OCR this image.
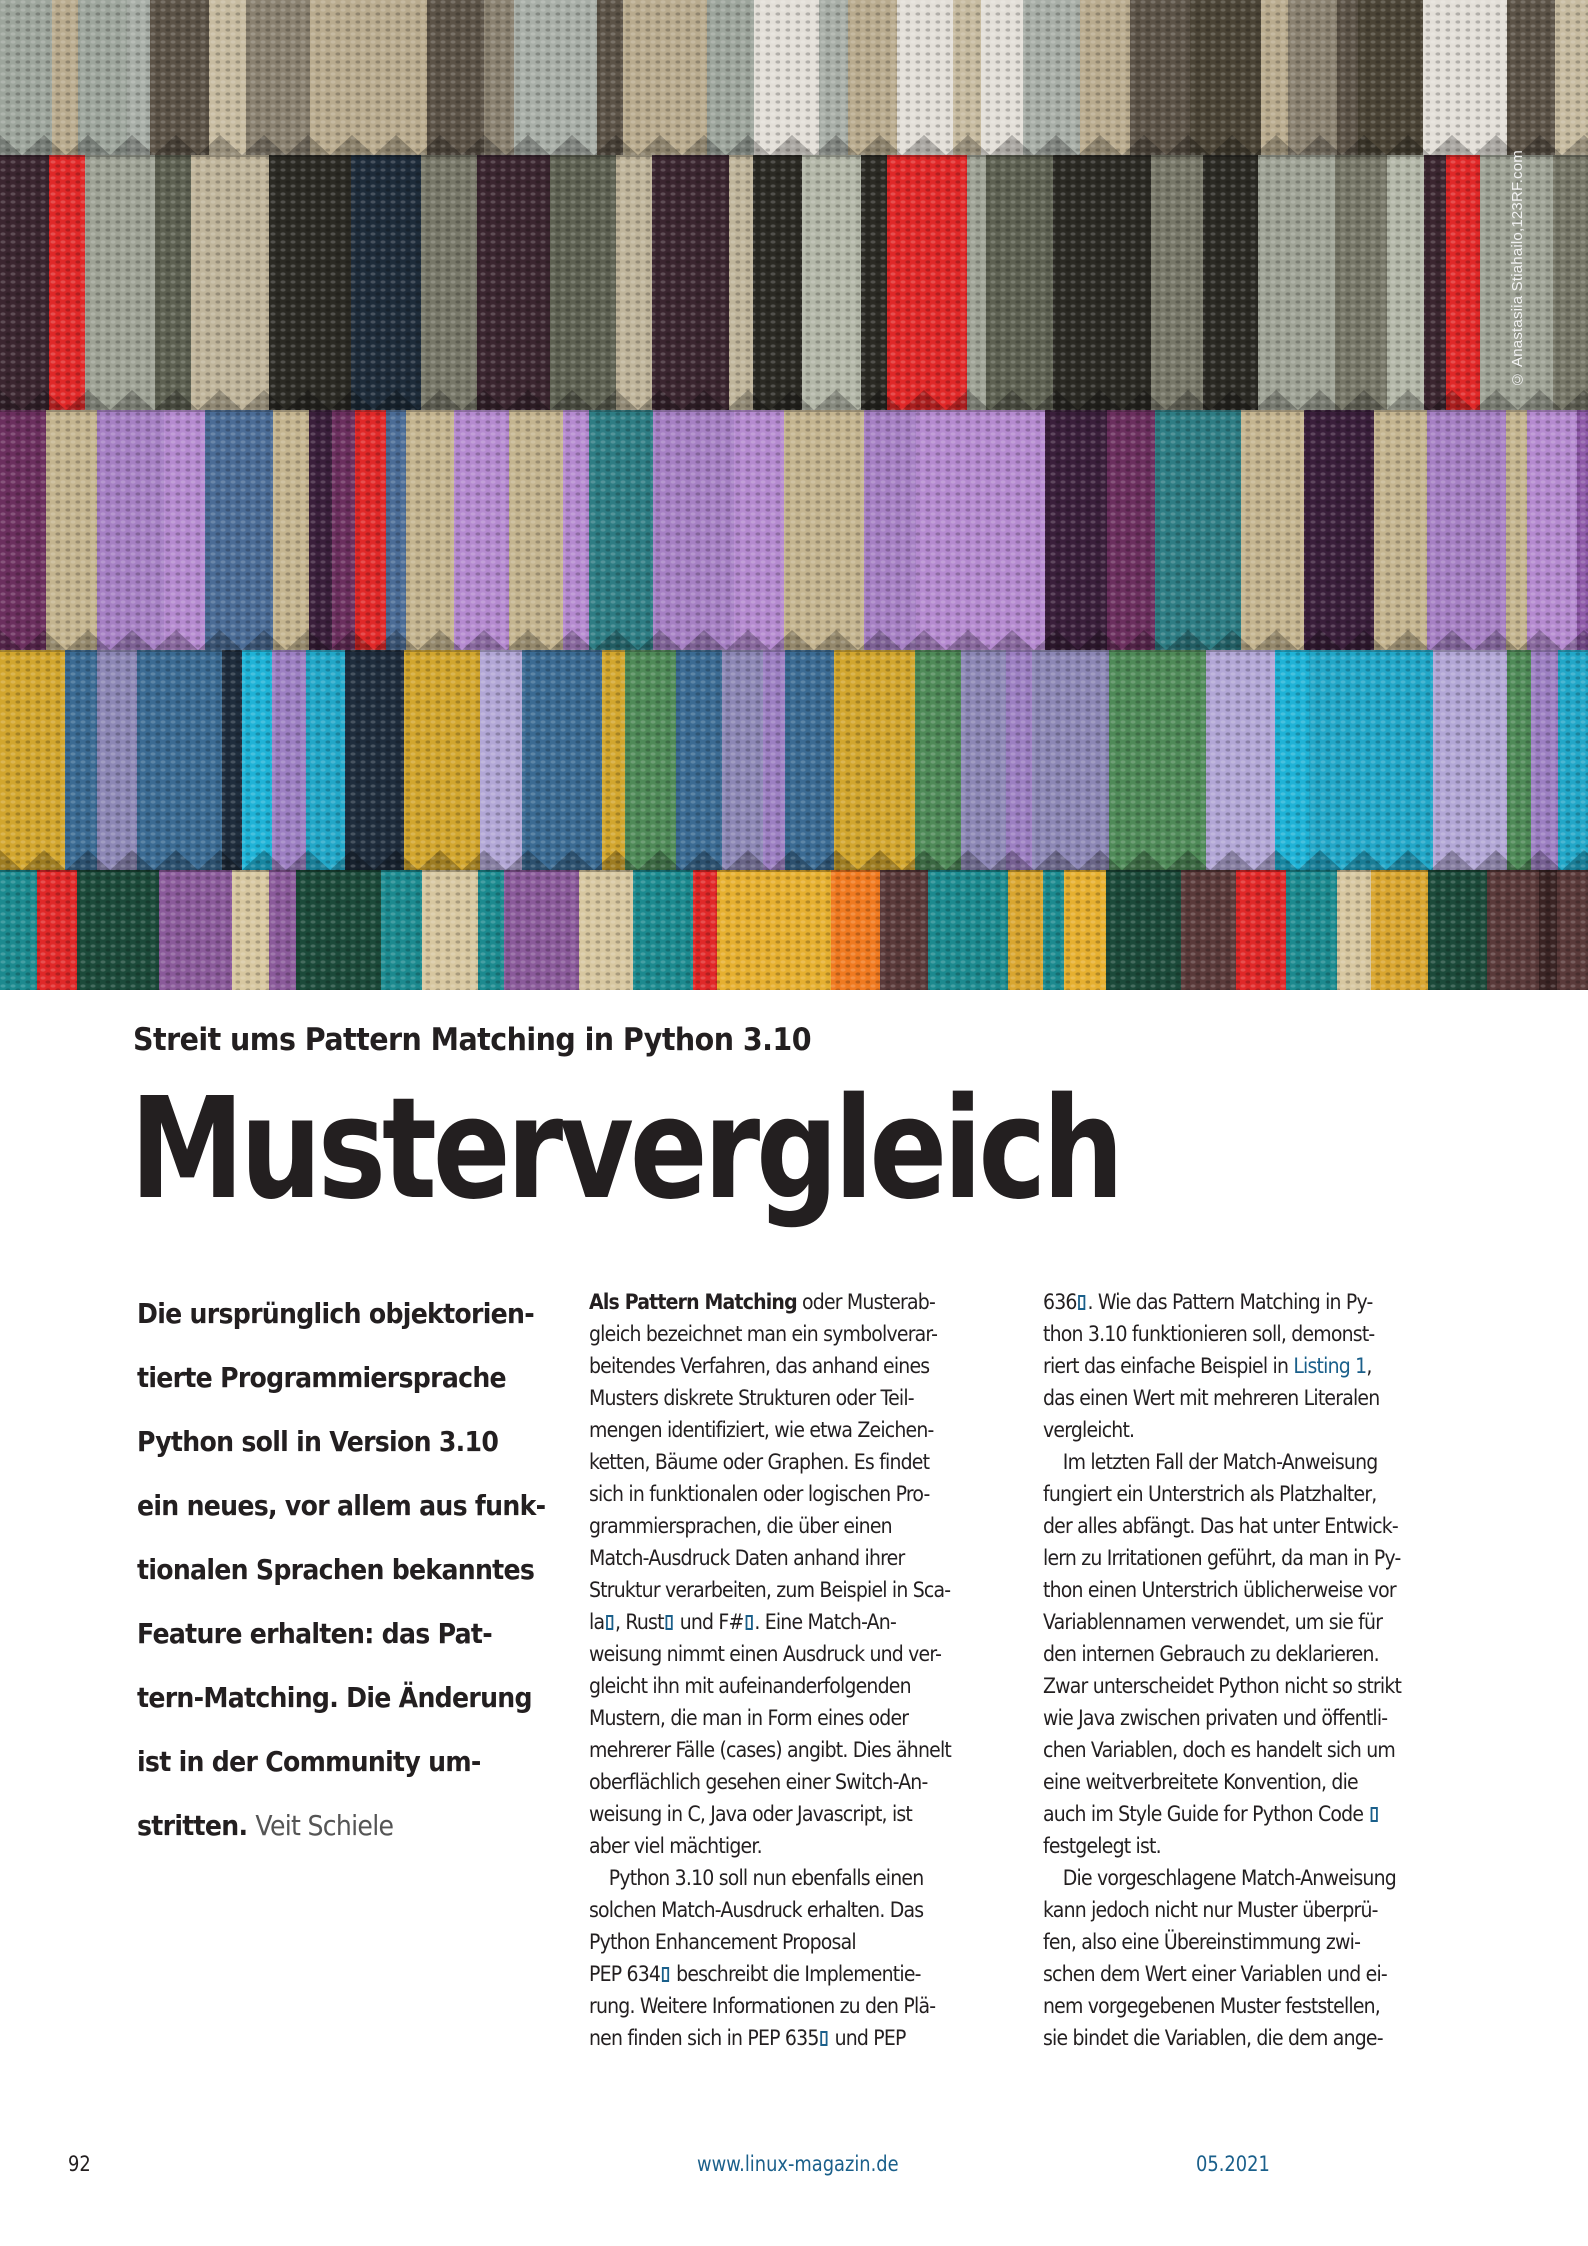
© Anastasiia Stiahailo,123RF.com
Streit ums Pattern Matching in Python 3.10
Mustervergleich
Die ursprünglich objektorien-
tierte Programmiersprache
Python soll in Version 3.10
ein neues, vor allem aus funk-
tionalen Sprachen bekanntes
Feature erhalten: das Pat-
tern-Matching. Die Änderung
ist in der Community um-
stritten. Veit Schiele
Als Pattern Matching oder Musterab-
gleich bezeichnet man ein symbolverar-
beitendes Verfahren, das anhand eines
Musters diskrete Strukturen oder Teil-
mengen identifiziert, wie etwa Zeichen-
ketten, Bäume oder Graphen. Es findet
sich in funktionalen oder logischen Pro-
grammiersprachen, die über einen
Match-Ausdruck Daten anhand ihrer
Struktur verarbeiten, zum Beispiel in Sca-
la , Rust und F# . Eine Match-An-
weisung nimmt einen Ausdruck und ver-
gleicht ihn mit aufeinanderfolgenden
Mustern, die man in Form eines oder
mehrerer Fälle (cases) angibt. Dies ähnelt
oberflächlich gesehen einer Switch-An-
weisung in C, Java oder Javascript, ist
aber viel mächtiger.
Python 3.10 soll nun ebenfalls einen
solchen Match-Ausdruck erhalten. Das
Python Enhancement Proposal
PEP 634 beschreibt die Implementie-
rung. Weitere Informationen zu den Plä-
nen finden sich in PEP 635 und PEP
636 . Wie das Pattern Matching in Py-
thon 3.10 funktionieren soll, demonst-
riert das einfache Beispiel in Listing 1,
das einen Wert mit mehreren Literalen
vergleicht.
Im letzten Fall der Match-Anweisung
fungiert ein Unterstrich als Platzhalter,
der alles abfängt. Das hat unter Entwick-
lern zu Irritationen geführt, da man in Py-
thon einen Unterstrich üblicherweise vor
Variablennamen verwendet, um sie für
den internen Gebrauch zu deklarieren.
Zwar unterscheidet Python nicht so strikt
wie Java zwischen privaten und öffentli-
chen Variablen, doch es handelt sich um
eine weitverbreitete Konvention, die
auch im Style Guide for Python Code
festgelegt ist.
Die vorgeschlagene Match-Anweisung
kann jedoch nicht nur Muster überprü-
fen, also eine Übereinstimmung zwi-
schen dem Wert einer Variablen und ei-
nem vorgegebenen Muster feststellen,
sie bindet die Variablen, die dem ange-
92	www.linux-magazin.de	05.2021
